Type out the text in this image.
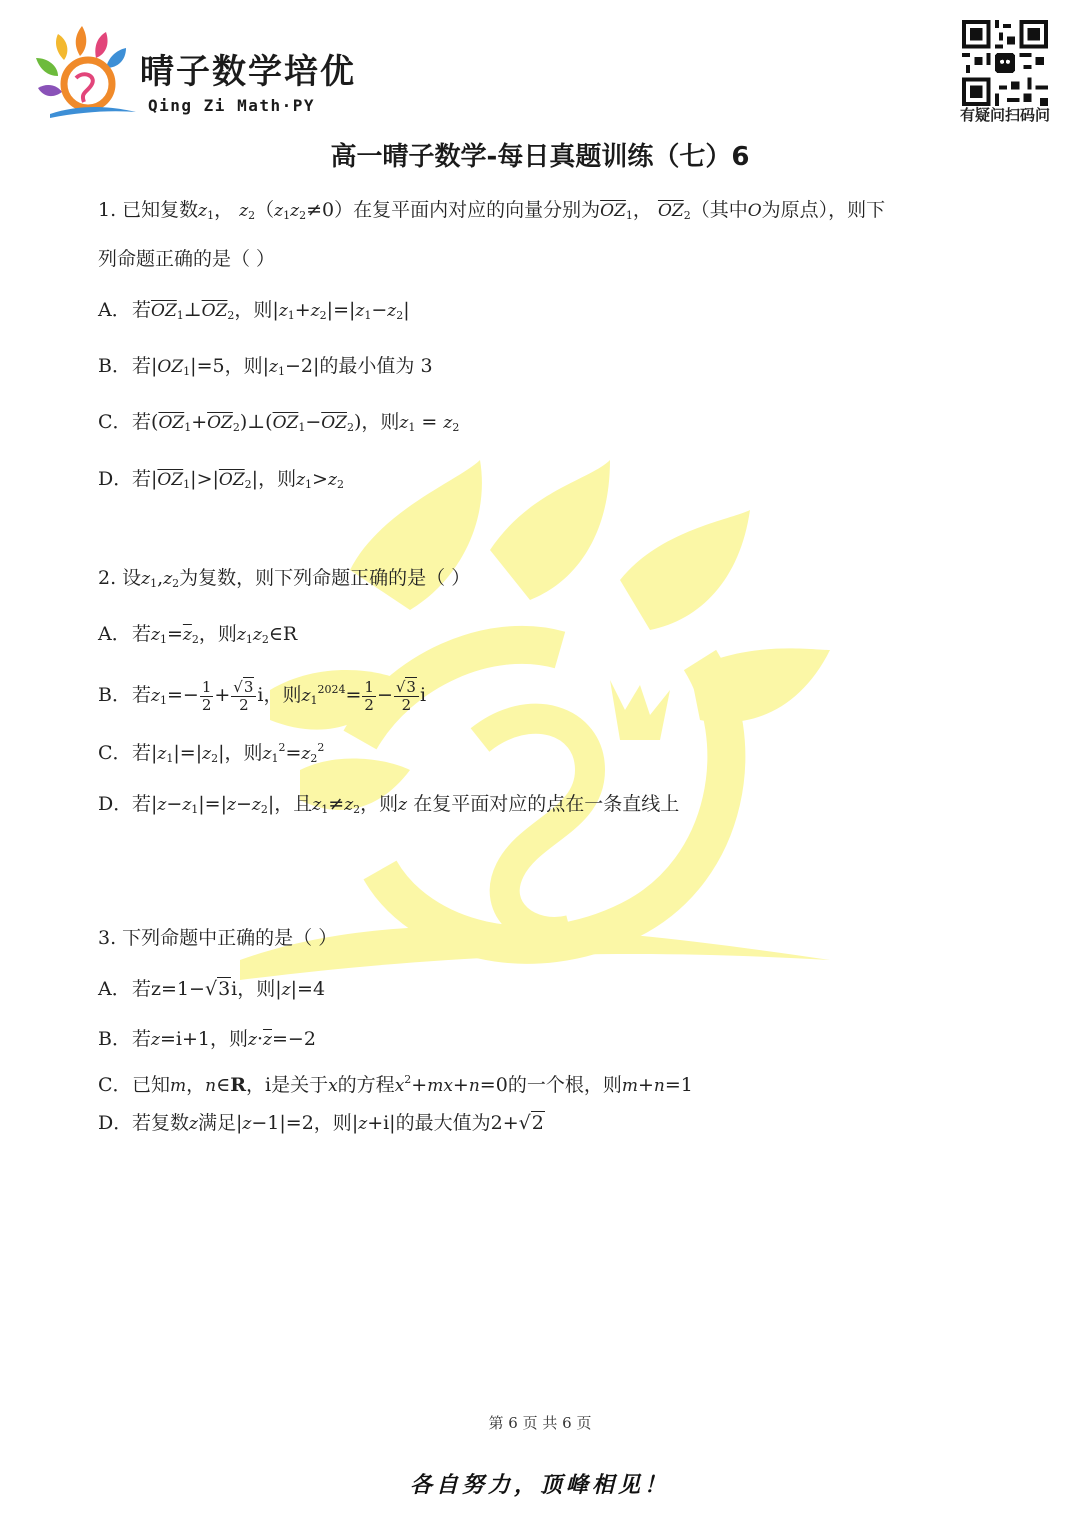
晴子数学培优
Qing Zi Math·PY	有疑问扫码问
高一晴子数学-每日真题训练（七）6
1. 已知复数z1， z2（z1z2≠0）在复平面内对应的向量分别为$\overline{OZ}1$， $\overline{OZ}2$（其中O为原点），则下
列命题正确的是（ ）
A．若$\overline{OZ}1\perp\overline{OZ}2$，则|z1+z2|=|z1−z2|
B．若|OZ1|=5，则|z1−2|的最小值为 3
C．若$(\overline{OZ}1+\overline{OZ}2)\perp(\overline{OZ}1-\overline{OZ}2)$，则z1 = z2
D．若$|\overline{OZ}1|>|\overline{OZ}2|$，则z1>z2
2. 设z1,z2为复数，则下列命题正确的是（ ）
A．若$z1=\overline{z}2$，则z1z2∈R
B．若$z1=- \frac{1}{2} + \frac{√3}{2}$ i，则$z1^{2024}= \frac{1}{2} - \frac{√3}{2}$ i
C．若|z1|=|z2|，则$z1^2=z2^2$
D．若|z−z1|=|z−z2|，且z1≠z2，则z 在复平面对应的点在一条直线上
3. 下列命题中正确的是（ ）
A．若z=1−√3i，则|z|=4
B．若z=i+1，则$z\cdot\overline{z}=-2$
C．已知m，n∈R，i是关于x的方程$x^2+mx+n=0$的一个根，则m+n=1
D．若复数z满足|z−1|=2，则|z+i|的最大值为2+√2
第 6 页 共 6 页
各自努力，顶峰相见！
